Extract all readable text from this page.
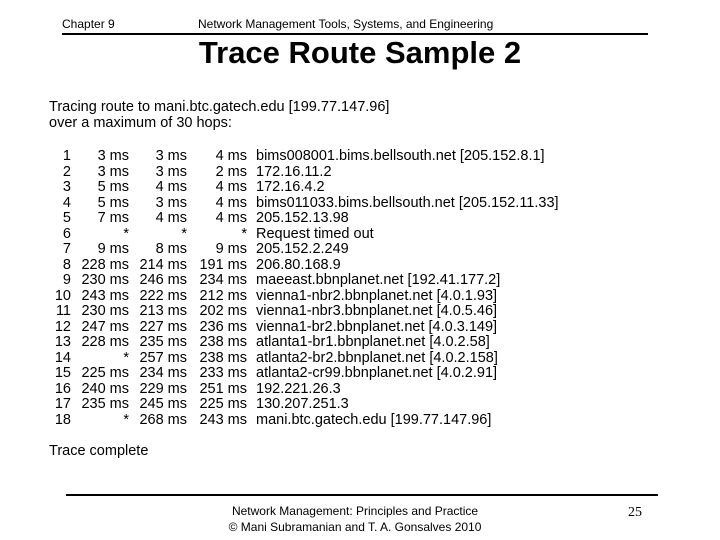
Chapter 9	Network Management Tools, Systems, and Engineering
Trace Route Sample 2
Tracing route to mani.btc.gatech.edu [199.77.147.96]
over a maximum of 30 hops:
1	3 ms	3 ms	4 ms bims008001.bims.bellsouth.net [205.152.8.1]
2	3 ms	3 ms	2 ms 172.16.11.2
3	5 ms	4 ms	4 ms 172.16.4.2
4	5 ms	3 ms	4 ms bims011033.bims.bellsouth.net [205.152.11.33]
5	7 ms	4 ms	4 ms 205.152.13.98
6	*	*	* Request timed out
7	9 ms	8 ms	9 ms 205.152.2.249
8 228 ms 214 ms 191 ms 206.80.168.9
9 230 ms 246 ms 234 ms maeeast.bbnplanet.net [192.41.177.2]
10 243 ms 222 ms 212 ms vienna1-nbr2.bbnplanet.net [4.0.1.93]
11 230 ms 213 ms 202 ms vienna1-nbr3.bbnplanet.net [4.0.5.46]
12 247 ms 227 ms 236 ms vienna1-br2.bbnplanet.net [4.0.3.149]
13 228 ms 235 ms 238 ms atlanta1-br1.bbnplanet.net [4.0.2.58]
14	* 257 ms 238 ms atlanta2-br2.bbnplanet.net [4.0.2.158]
15 225 ms 234 ms 233 ms atlanta2-cr99.bbnplanet.net [4.0.2.91]
16 240 ms 229 ms 251 ms 192.221.26.3
17 235 ms 245 ms 225 ms 130.207.251.3
18	* 268 ms 243 ms mani.btc.gatech.edu [199.77.147.96]
Trace complete
Network Management: Principles and Practice
© Mani Subramanian and T. A. Gonsalves 2010
25
